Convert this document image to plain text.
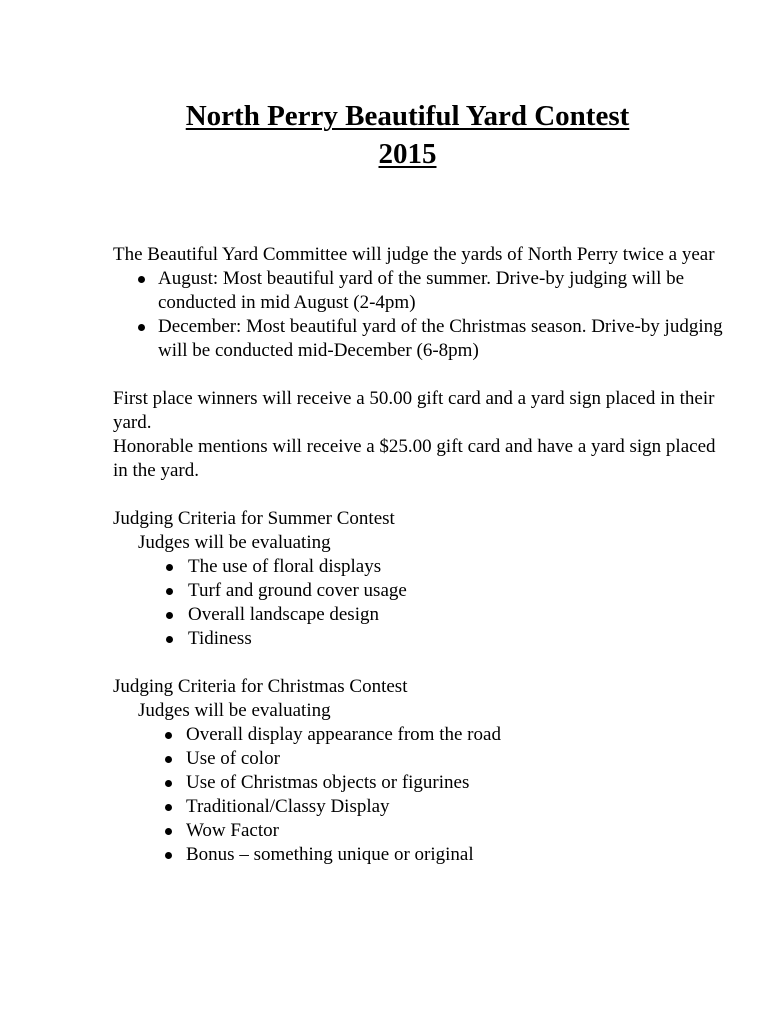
North Perry Beautiful Yard Contest
2015

The Beautiful Yard Committee will judge the yards of North Perry twice a year

August: Most beautiful yard of the summer. Drive-by judging will be conducted in mid August (2-4pm)
December: Most beautiful yard of the Christmas season. Drive-by judging will be conducted mid-December (6-8pm)

First place winners will receive a 50.00 gift card and a yard sign placed in their yard.

Honorable mentions will receive a $25.00 gift card and have a yard sign placed in the yard.

Judging Criteria for Summer Contest

Judges will be evaluating

The use of floral displays
Turf and ground cover usage
Overall landscape design
Tidiness

Judging Criteria for Christmas Contest

Judges will be evaluating

Overall display appearance from the road
Use of color
Use of Christmas objects or figurines
Traditional/Classy Display
Wow Factor
Bonus – something unique or original
